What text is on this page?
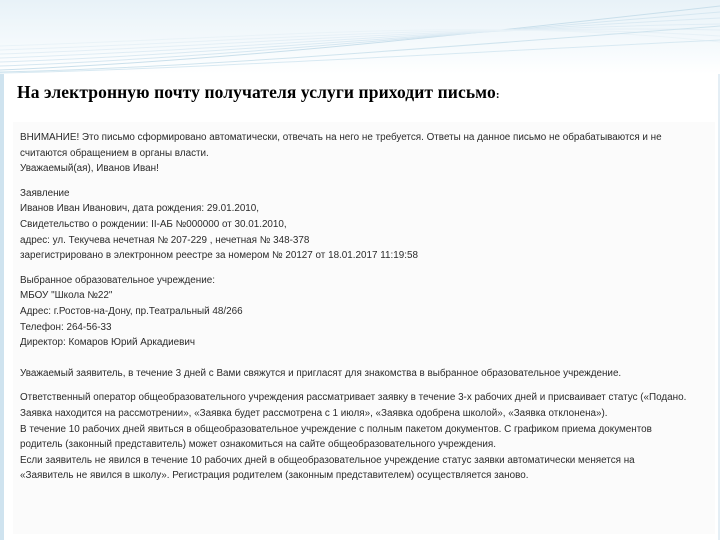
На электронную почту получателя услуги приходит письмо:
ВНИМАНИЕ! Это письмо сформировано автоматически, отвечать на него не требуется. Ответы на данное письмо не обрабатываются и не
считаются обращением в органы власти.
Уважаемый(ая), Иванов Иван!
Заявление
Иванов Иван Иванович, дата рождения: 29.01.2010,
Свидетельство о рождении: II-АБ №000000 от 30.01.2010,
адрес: ул. Текучева нечетная № 207-229 , нечетная № 348-378
зарегистрировано в электронном реестре за номером № 20127 от 18.01.2017 11:19:58
Выбранное образовательное учреждение:
МБОУ "Школа №22"
Адрес: г.Ростов-на-Дону, пр.Театральный 48/266
Телефон: 264-56-33
Директор: Комаров Юрий Аркадиевич
Уважаемый заявитель, в течение 3 дней с Вами свяжутся и пригласят для знакомства в выбранное образовательное учреждение.
Ответственный оператор общеобразовательного учреждения рассматривает заявку в течение 3-х рабочих дней и присваивает статус («Подано.
Заявка находится на рассмотрении», «Заявка будет рассмотрена с 1 июля», «Заявка одобрена школой», «Заявка отклонена»).
В течение 10 рабочих дней явиться в общеобразовательное учреждение с полным пакетом документов. С графиком приема документов
родитель (законный представитель) может ознакомиться на сайте общеобразовательного учреждения.
Если заявитель не явился в течение 10 рабочих дней в общеобразовательное учреждение статус заявки автоматически меняется на
«Заявитель не явился в школу». Регистрация родителем (законным представителем) осуществляется заново.
